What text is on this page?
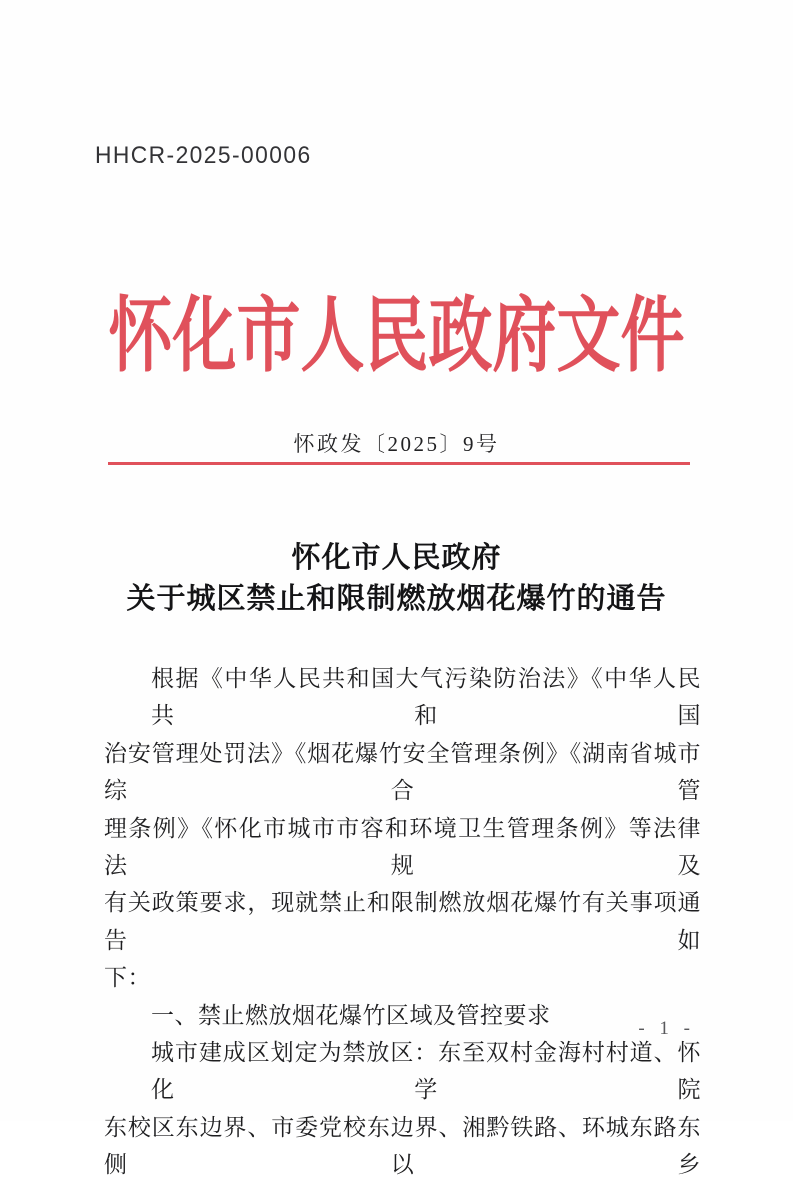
HHCR-2025-00006
怀化市人民政府文件
怀政发〔2025〕9号
怀化市人民政府
关于城区禁止和限制燃放烟花爆竹的通告
根据《中华人民共和国大气污染防治法》《中华人民共和国
治安管理处罚法》《烟花爆竹安全管理条例》《湖南省城市综合管
理条例》《怀化市城市市容和环境卫生管理条例》等法律法规及
有关政策要求，现就禁止和限制燃放烟花爆竹有关事项通告如
下：
一、禁止燃放烟花爆竹区域及管控要求
城市建成区划定为禁放区：东至双村金海村村道、怀化学院
东校区东边界、市委党校东边界、湘黔铁路、环城东路东侧以乡
- 1 -
